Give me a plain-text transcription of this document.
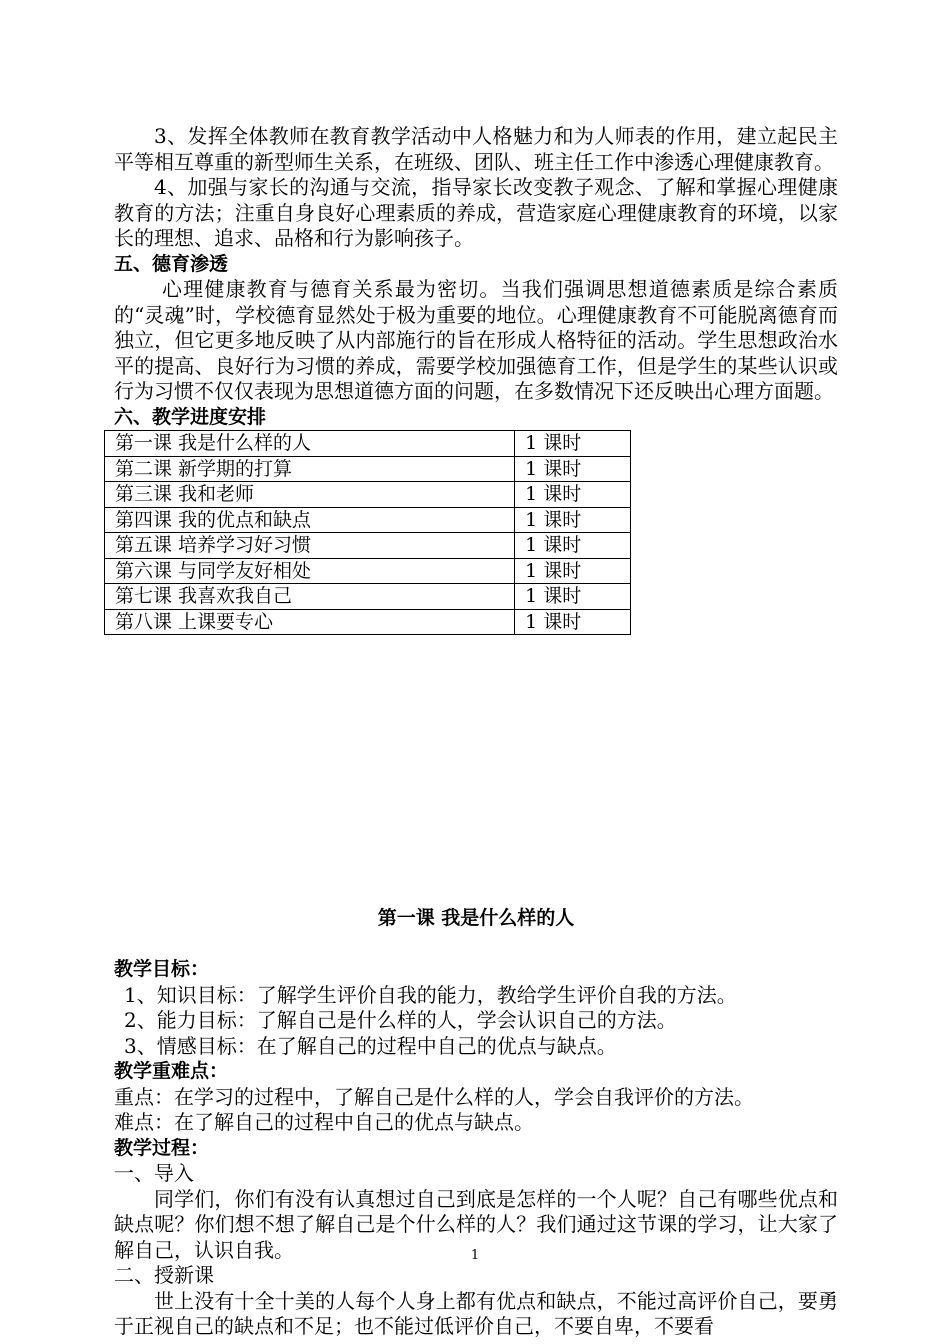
3、发挥全体教师在教育教学活动中人格魅力和为人师表的作用，建立起民主平等相互尊重的新型师生关系，在班级、团队、班主任工作中渗透心理健康教育。

4、加强与家长的沟通与交流，指导家长改变教子观念、了解和掌握心理健康教育的方法；注重自身良好心理素质的养成，营造家庭心理健康教育的环境，以家长的理想、追求、品格和行为影响孩子。

五、德育渗透

心理健康教育与德育关系最为密切。当我们强调思想道德素质是综合素质的“灵魂”时，学校德育显然处于极为重要的地位。心理健康教育不可能脱离德育而独立，但它更多地反映了从内部施行的旨在形成人格特征的活动。学生思想政治水平的提高、良好行为习惯的养成，需要学校加强德育工作，但是学生的某些认识或行为习惯不仅仅表现为思想道德方面的问题，在多数情况下还反映出心理方面题。

六、教学进度安排

第一课 我是什么样的人	1 课时
第二课 新学期的打算	1 课时
第三课 我和老师	1 课时
第四课 我的优点和缺点	1 课时
第五课 培养学习好习惯	1 课时
第六课 与同学友好相处	1 课时
第七课 我喜欢我自己	1 课时
第八课 上课要专心	1 课时

第一课 我是什么样的人

教学目标：

1、知识目标：了解学生评价自我的能力，教给学生评价自我的方法。

2、能力目标：了解自己是什么样的人，学会认识自己的方法。

3、情感目标：在了解自己的过程中自己的优点与缺点。

教学重难点：

重点：在学习的过程中，了解自己是什么样的人，学会自我评价的方法。

难点：在了解自己的过程中自己的优点与缺点。

教学过程：

一、导入

同学们，你们有没有认真想过自己到底是怎样的一个人呢？自己有哪些优点和缺点呢？你们想不想了解自己是个什么样的人？我们通过这节课的学习，让大家了解自己，认识自我。

二、授新课

世上没有十全十美的人每个人身上都有优点和缺点，不能过高评价自己，要勇于正视自己的缺点和不足；也不能过低评价自己，不要自卑，不要看

1
